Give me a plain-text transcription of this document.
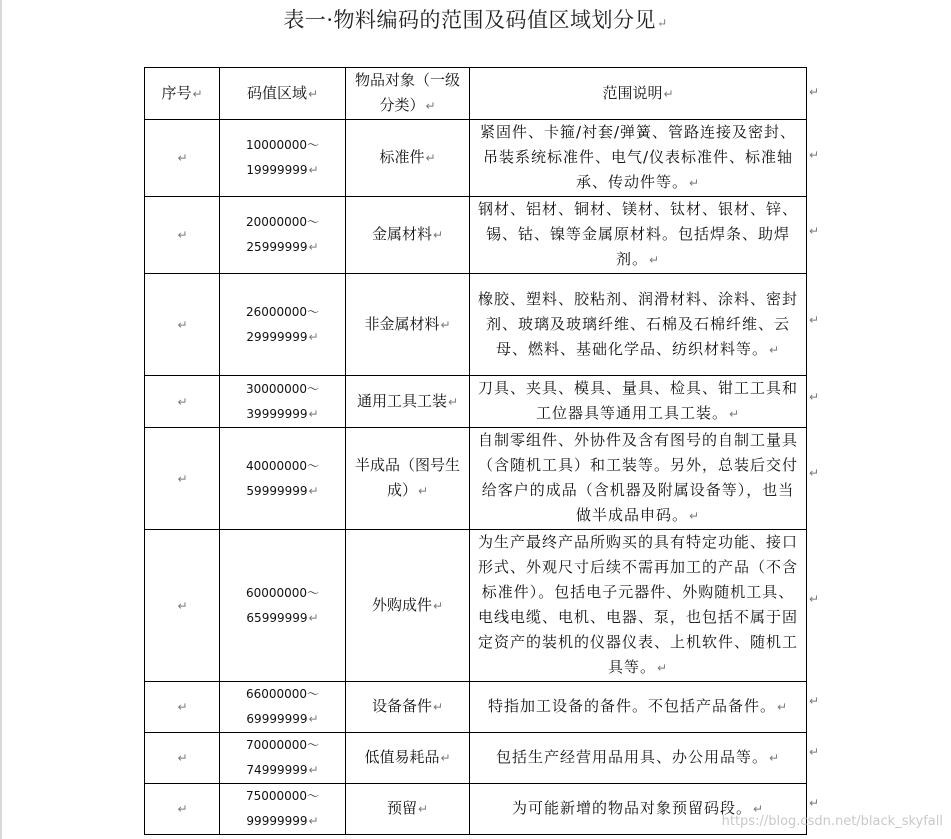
表一·物料编码的范围及码值区域划分见↵
序号↵	码值区域↵	物品对象（一级分类）↵	范围说明↵
↵	10000000～
19999999↵	标准件↵	紧固件、卡箍/衬套/弹簧、管路连接及密封、吊装系统标准件、电气/仪表标准件、标准轴承、传动件等。↵
↵	20000000～
25999999↵	金属材料↵	钢材、铝材、铜材、镁材、钛材、银材、锌、锡、钴、镍等金属原材料。包括焊条、助焊剂。↵
↵	26000000～
29999999↵	非金属材料↵	橡胶、塑料、胶粘剂、润滑材料、涂料、密封剂、玻璃及玻璃纤维、石棉及石棉纤维、云母、燃料、基础化学品、纺织材料等。↵
↵	30000000～
39999999↵	通用工具工装↵	刀具、夹具、模具、量具、检具、钳工工具和工位器具等通用工具工装。↵
↵	40000000～
59999999↵	半成品（图号生成）↵	自制零组件、外协件及含有图号的自制工量具（含随机工具）和工装等。另外，总装后交付给客户的成品（含机器及附属设备等），也当做半成品申码。↵
↵	60000000～
65999999↵	外购成件↵	为生产最终产品所购买的具有特定功能、接口形式、外观尺寸后续不需再加工的产品（不含标准件）。包括电子元器件、外购随机工具、电线电缆、电机、电器、泵，也包括不属于固定资产的装机的仪器仪表、上机软件、随机工具等。↵
↵	66000000～
69999999↵	设备备件↵	特指加工设备的备件。不包括产品备件。↵
↵	70000000～
74999999↵	低值易耗品↵	包括生产经营用品用具、办公用品等。↵
↵	75000000～
99999999↵	预留↵	为可能新增的物品对象预留码段。↵
https://blog.csdn.net/black_skyfall
↵
↵
↵
↵
↵
↵
↵
↵
↵
↵
